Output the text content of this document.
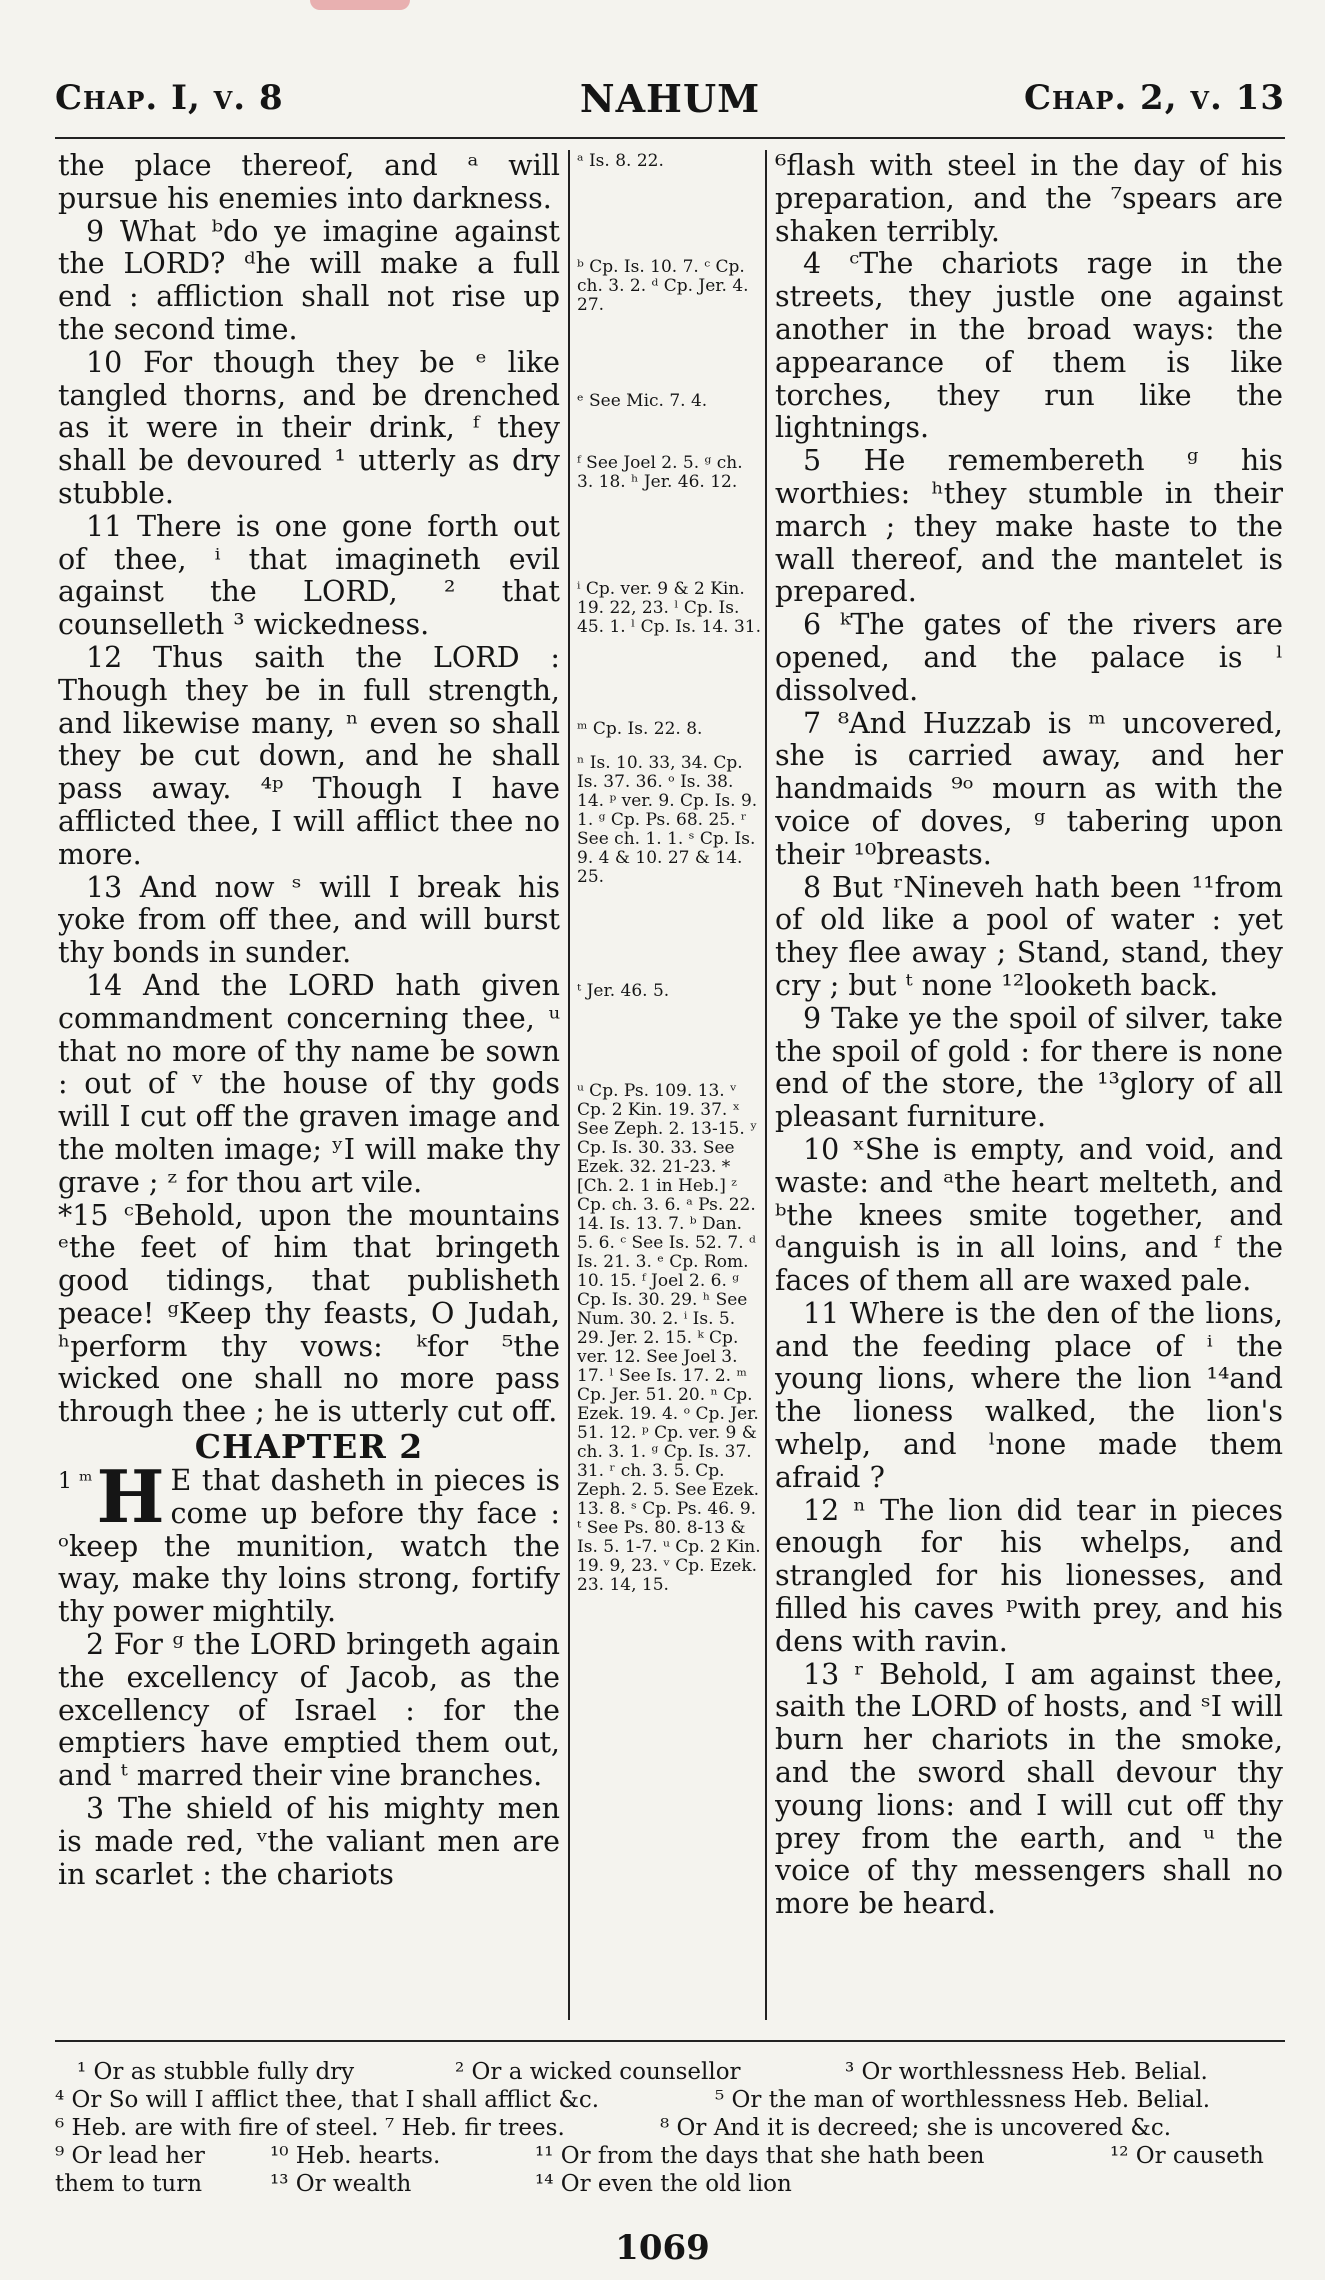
Chap. I, v. 8	NAHUM	Chap. 2, v. 13

the place thereof, and ᵃ will pursue his enemies into darkness.

9 What ᵇdo ye imagine against the LORD? ᵈhe will make a full end : affliction shall not rise up the second time.

10 For though they be ᵉ like tangled thorns, and be drenched as it were in their drink, ᶠ they shall be devoured ¹ utterly as dry stubble.

11 There is one gone forth out of thee, ⁱ that imagineth evil against the LORD, ² that counselleth ³ wickedness.

12 Thus saith the LORD : Though they be in full strength, and likewise many, ⁿ even so shall they be cut down, and he shall pass away. ⁴ᵖ Though I have afflicted thee, I will afflict thee no more.

13 And now ˢ will I break his yoke from off thee, and will burst thy bonds in sunder.

14 And the LORD hath given commandment concerning thee, ᵘ that no more of thy name be sown : out of ᵛ the house of thy gods will I cut off the graven image and the molten image; ʸI will make thy grave ; ᶻ for thou art vile.

*15 ᶜBehold, upon the mountains ᵉthe feet of him that bringeth good tidings, that publisheth peace! ᵍKeep thy feasts, O Judah, ʰperform thy vows: ᵏfor ⁵the wicked one shall no more pass through thee ; he is utterly cut off.

CHAPTER 2

1 ᵐ H E that dasheth in pieces is come up before thy face : ᵒkeep the munition, watch the way, make thy loins strong, fortify thy power mightily.

2 For ᵍ the LORD bringeth again the excellency of Jacob, as the excellency of Israel : for the emptiers have emptied them out, and ᵗ marred their vine branches.

3 The shield of his mighty men is made red, ᵛthe valiant men are in scarlet : the chariots

ᵃ Is. 8. 22.
ᵇ Cp. Is. 10. 7. ᶜ Cp. ch. 3. 2. ᵈ Cp. Jer. 4. 27.
ᵉ See Mic. 7. 4.
ᶠ See Joel 2. 5. ᵍ ch. 3. 18. ʰ Jer. 46. 12.
ⁱ Cp. ver. 9 & 2 Kin. 19. 22, 23. ˡ Cp. Is. 45. 1. ˡ Cp. Is. 14. 31.
ᵐ Cp. Is. 22. 8.
ⁿ Is. 10. 33, 34. Cp. Is. 37. 36. ᵒ Is. 38. 14. ᵖ ver. 9. Cp. Is. 9. 1. ᵍ Cp. Ps. 68. 25. ʳ See ch. 1. 1. ˢ Cp. Is. 9. 4 & 10. 27 & 14. 25.
ᵗ Jer. 46. 5.
ᵘ Cp. Ps. 109. 13. ᵛ Cp. 2 Kin. 19. 37. ˣ See Zeph. 2. 13-15. ʸ Cp. Is. 30. 33. See Ezek. 32. 21-23. * [Ch. 2. 1 in Heb.] ᶻ Cp. ch. 3. 6. ᵃ Ps. 22. 14. Is. 13. 7. ᵇ Dan. 5. 6. ᶜ See Is. 52. 7. ᵈ Is. 21. 3. ᵉ Cp. Rom. 10. 15. ᶠ Joel 2. 6. ᵍ Cp. Is. 30. 29. ʰ See Num. 30. 2. ⁱ Is. 5. 29. Jer. 2. 15. ᵏ Cp. ver. 12. See Joel 3. 17. ˡ See Is. 17. 2. ᵐ Cp. Jer. 51. 20. ⁿ Cp. Ezek. 19. 4. ᵒ Cp. Jer. 51. 12. ᵖ Cp. ver. 9 & ch. 3. 1. ᵍ Cp. Is. 37. 31. ʳ ch. 3. 5. Cp. Zeph. 2. 5. See Ezek. 13. 8. ˢ Cp. Ps. 46. 9. ᵗ See Ps. 80. 8-13 & Is. 5. 1-7. ᵘ Cp. 2 Kin. 19. 9, 23. ᵛ Cp. Ezek. 23. 14, 15.

⁶flash with steel in the day of his preparation, and the ⁷spears are shaken terribly.

4 ᶜThe chariots rage in the streets, they justle one against another in the broad ways: the appearance of them is like torches, they run like the lightnings.

5 He remembereth ᵍ his worthies: ʰthey stumble in their march ; they make haste to the wall thereof, and the mantelet is prepared.

6 ᵏThe gates of the rivers are opened, and the palace is ˡ dissolved.

7 ⁸And Huzzab is ᵐ uncovered, she is carried away, and her handmaids ⁹ᵒ mourn as with the voice of doves, ᵍ tabering upon their ¹⁰breasts.

8 But ʳNineveh hath been ¹¹from of old like a pool of water : yet they flee away ; Stand, stand, they cry ; but ᵗ none ¹²looketh back.

9 Take ye the spoil of silver, take the spoil of gold : for there is none end of the store, the ¹³glory of all pleasant furniture.

10 ˣShe is empty, and void, and waste: and ᵃthe heart melteth, and ᵇthe knees smite together, and ᵈanguish is in all loins, and ᶠ the faces of them all are waxed pale.

11 Where is the den of the lions, and the feeding place of ⁱ the young lions, where the lion ¹⁴and the lioness walked, the lion's whelp, and ˡnone made them afraid ?

12 ⁿ The lion did tear in pieces enough for his whelps, and strangled for his lionesses, and filled his caves ᵖwith prey, and his dens with ravin.

13 ʳ Behold, I am against thee, saith the LORD of hosts, and ˢI will burn her chariots in the smoke, and the sword shall devour thy young lions: and I will cut off thy prey from the earth, and ᵘ the voice of thy messengers shall no more be heard.

¹ Or as stubble fully dry	² Or a wicked counsellor	³ Or worthlessness Heb. Belial.
⁴ Or So will I afflict thee, that I shall afflict &c.	⁵ Or the man of worthlessness Heb. Belial.
⁶ Heb. are with fire of steel. ⁷ Heb. fir trees.	⁸ Or And it is decreed; she is uncovered &c.
⁹ Or lead her	¹⁰ Heb. hearts.	¹¹ Or from the days that she hath been	¹² Or causeth
them to turn	¹³ Or wealth	¹⁴ Or even the old lion
1069
